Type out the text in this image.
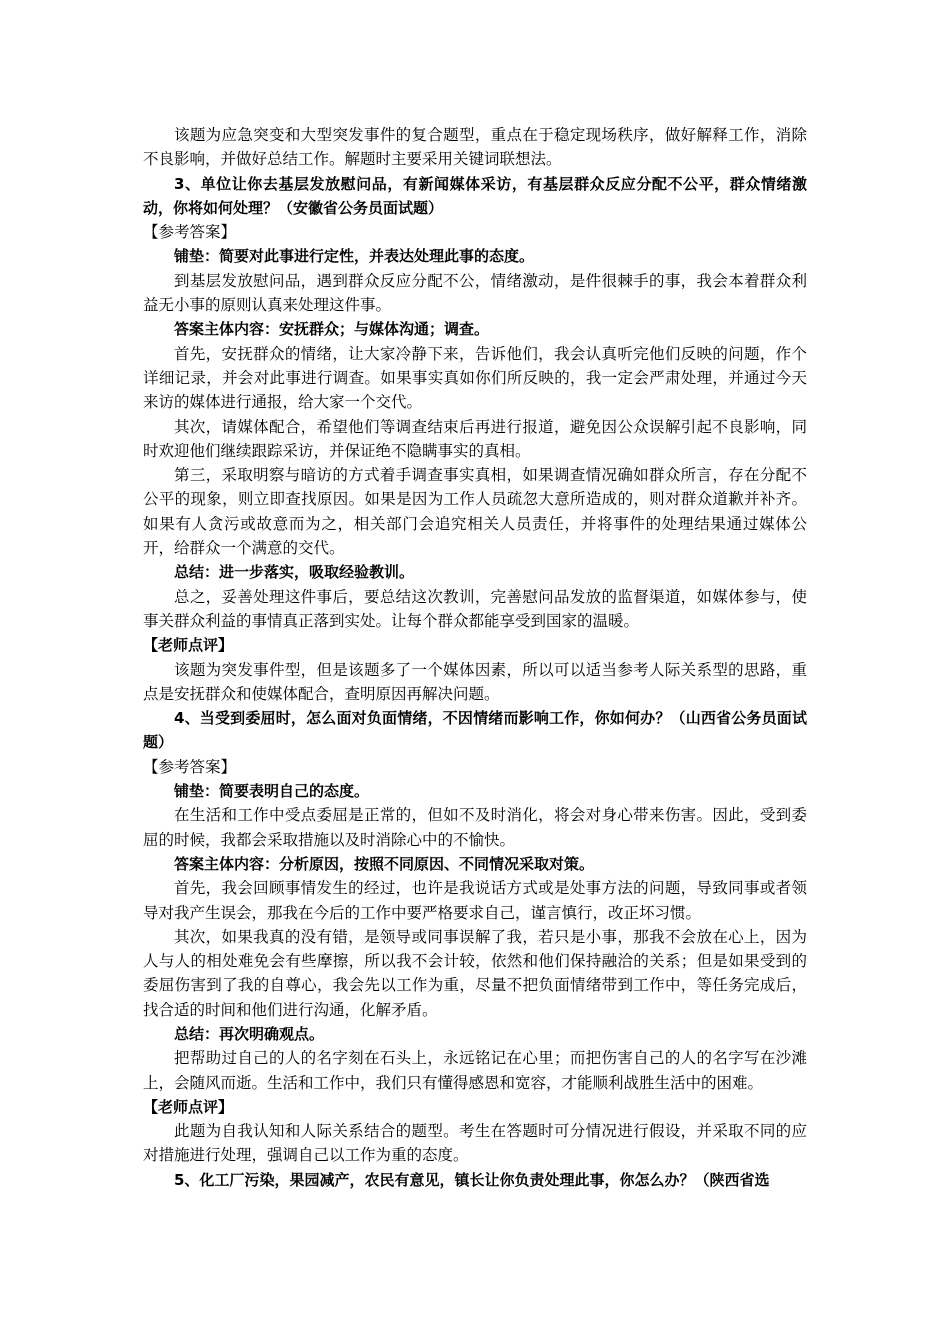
该题为应急突变和大型突发事件的复合题型，重点在于稳定现场秩序，做好解释工作，消除不良影响，并做好总结工作。解题时主要采用关键词联想法。

3、单位让你去基层发放慰问品，有新闻媒体采访，有基层群众反应分配不公平，群众情绪激动，你将如何处理？（安徽省公务员面试题）

【参考答案】

铺垫：简要对此事进行定性，并表达处理此事的态度。

到基层发放慰问品，遇到群众反应分配不公，情绪激动，是件很棘手的事，我会本着群众利益无小事的原则认真来处理这件事。

答案主体内容：安抚群众；与媒体沟通；调查。

首先，安抚群众的情绪，让大家冷静下来，告诉他们，我会认真听完他们反映的问题，作个详细记录，并会对此事进行调查。如果事实真如你们所反映的，我一定会严肃处理，并通过今天来访的媒体进行通报，给大家一个交代。

其次，请媒体配合，希望他们等调查结束后再进行报道，避免因公众误解引起不良影响，同时欢迎他们继续跟踪采访，并保证绝不隐瞒事实的真相。

第三，采取明察与暗访的方式着手调查事实真相，如果调查情况确如群众所言，存在分配不公平的现象，则立即查找原因。如果是因为工作人员疏忽大意所造成的，则对群众道歉并补齐。如果有人贪污或故意而为之，相关部门会追究相关人员责任，并将事件的处理结果通过媒体公开，给群众一个满意的交代。

总结：进一步落实，吸取经验教训。

总之，妥善处理这件事后，要总结这次教训，完善慰问品发放的监督渠道，如媒体参与，使事关群众利益的事情真正落到实处。让每个群众都能享受到国家的温暖。

【老师点评】

该题为突发事件型，但是该题多了一个媒体因素，所以可以适当参考人际关系型的思路，重点是安抚群众和使媒体配合，查明原因再解决问题。

4、当受到委屈时，怎么面对负面情绪，不因情绪而影响工作，你如何办？（山西省公务员面试题）

【参考答案】

铺垫：简要表明自己的态度。

在生活和工作中受点委屈是正常的，但如不及时消化，将会对身心带来伤害。因此，受到委屈的时候，我都会采取措施以及时消除心中的不愉快。

答案主体内容：分析原因，按照不同原因、不同情况采取对策。

首先，我会回顾事情发生的经过，也许是我说话方式或是处事方法的问题，导致同事或者领导对我产生误会，那我在今后的工作中要严格要求自己，谨言慎行，改正坏习惯。

其次，如果我真的没有错，是领导或同事误解了我，若只是小事，那我不会放在心上，因为人与人的相处难免会有些摩擦，所以我不会计较，依然和他们保持融洽的关系；但是如果受到的委屈伤害到了我的自尊心，我会先以工作为重，尽量不把负面情绪带到工作中，等任务完成后，找合适的时间和他们进行沟通，化解矛盾。

总结：再次明确观点。

把帮助过自己的人的名字刻在石头上，永远铭记在心里；而把伤害自己的人的名字写在沙滩上，会随风而逝。生活和工作中，我们只有懂得感恩和宽容，才能顺利战胜生活中的困难。

【老师点评】

此题为自我认知和人际关系结合的题型。考生在答题时可分情况进行假设，并采取不同的应对措施进行处理，强调自己以工作为重的态度。

5、化工厂污染，果园减产，农民有意见，镇长让你负责处理此事，你怎么办？（陕西省选
